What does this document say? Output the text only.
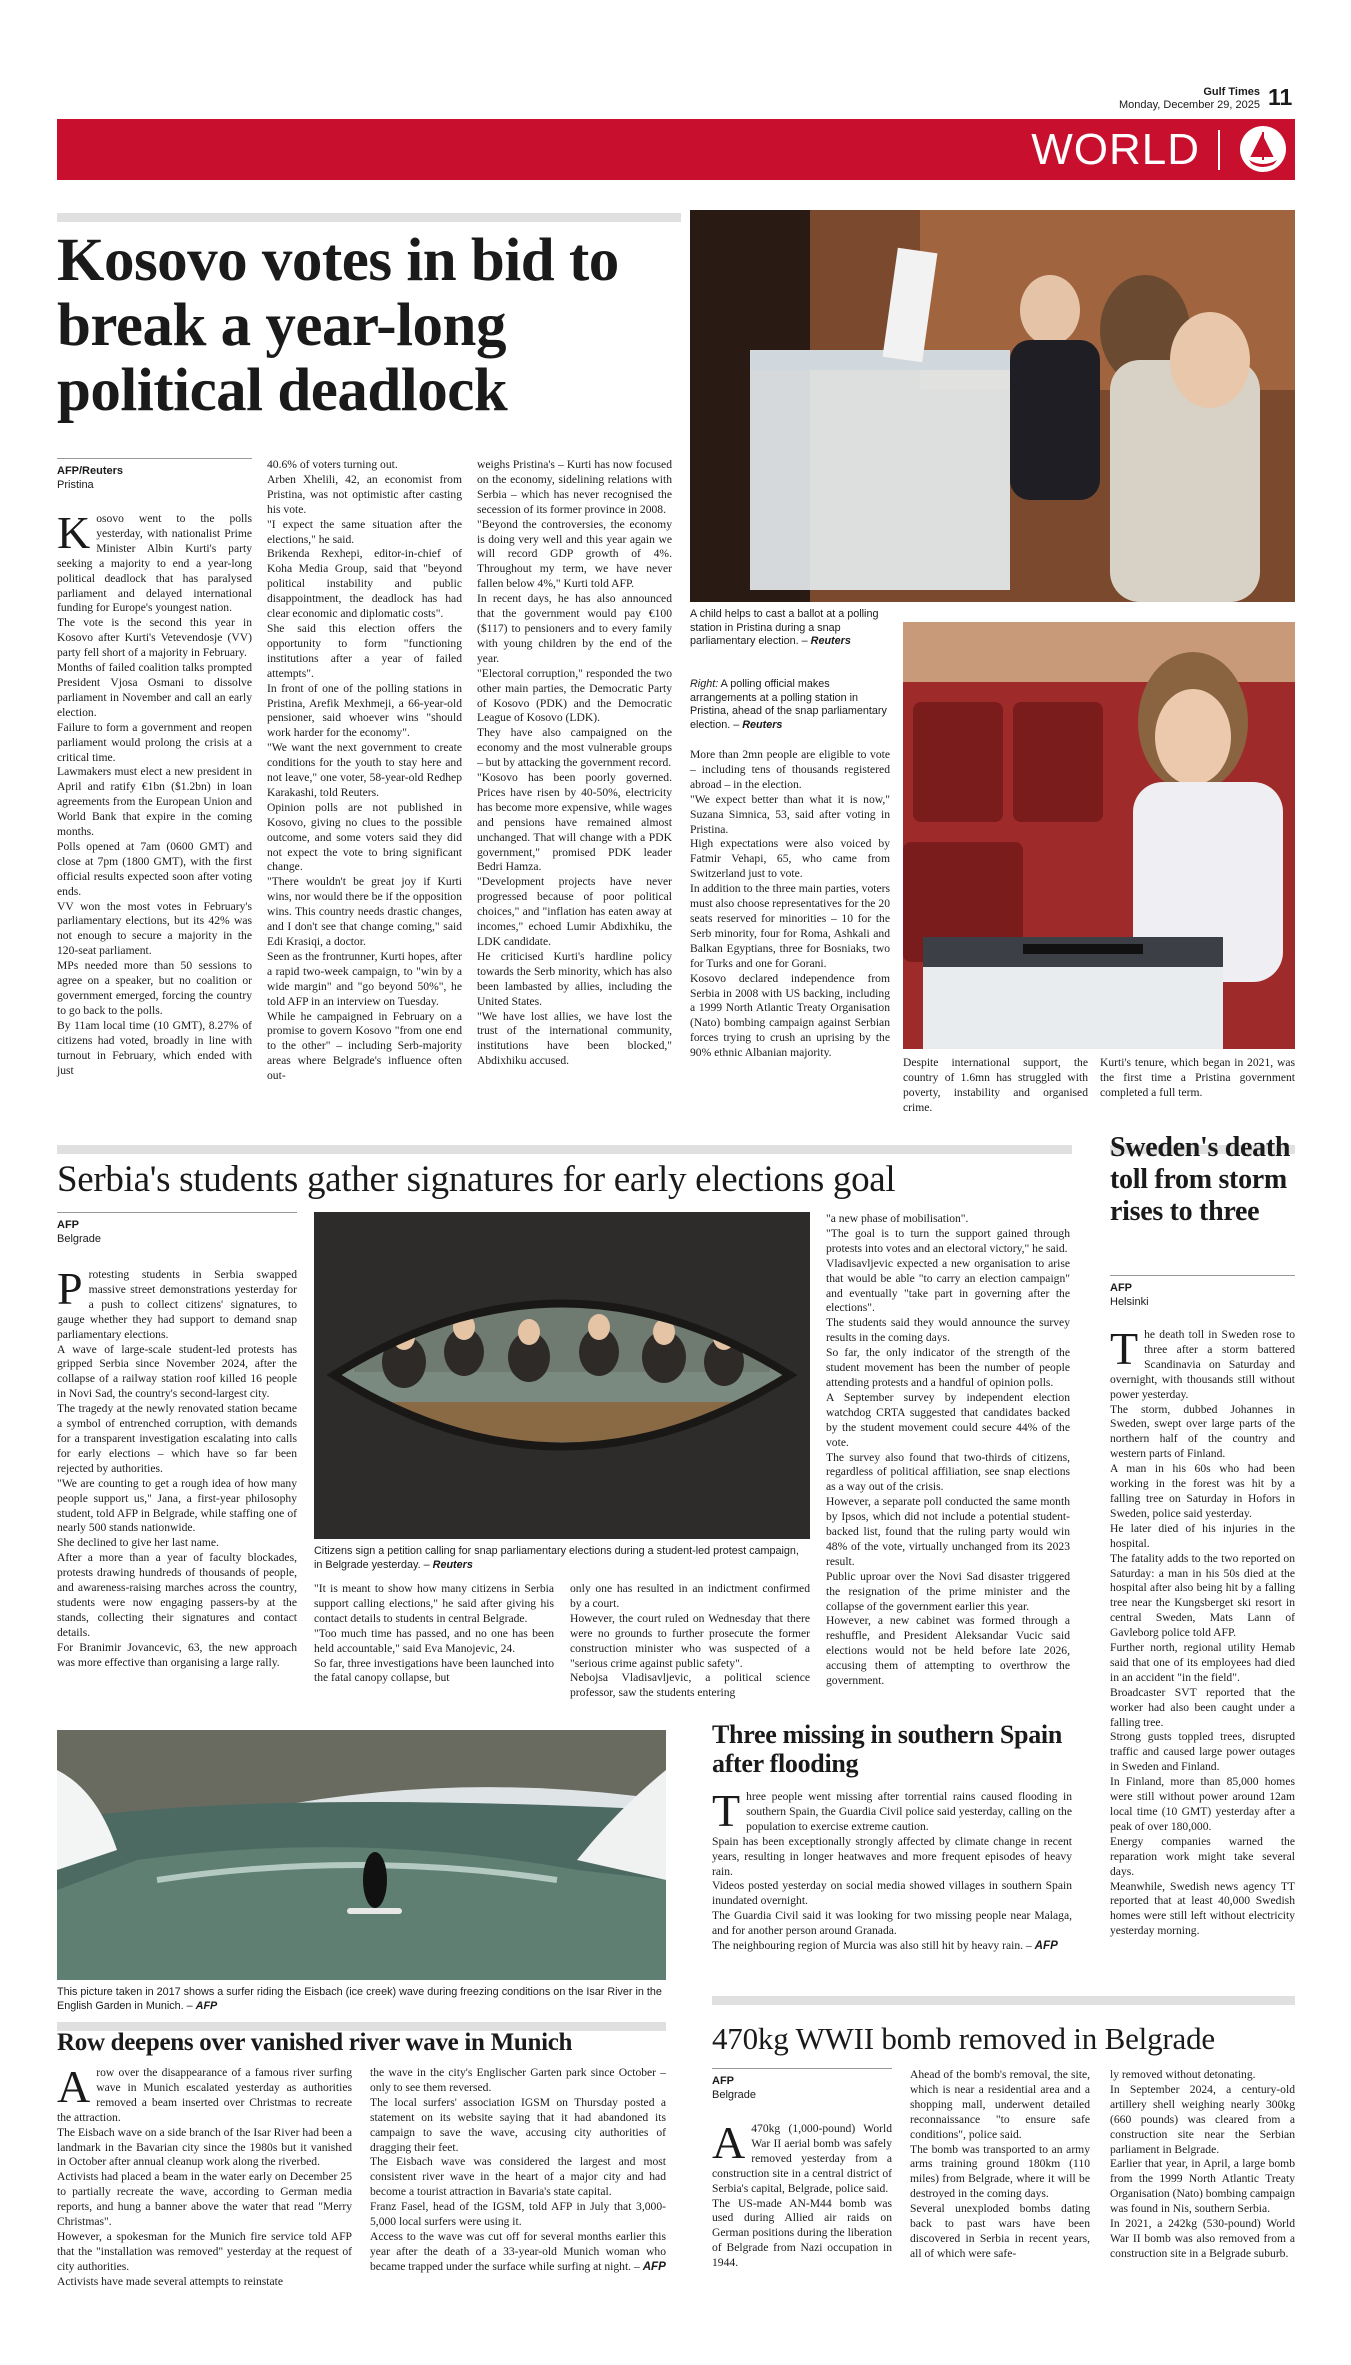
Gulf Times
Monday, December 29, 2025 11
WORLD
Kosovo votes in bid to break a year-long political deadlock
AFP/Reuters
Pristina
K osovo went to the polls yesterday, with nationalist Prime Minister Albin Kurti's party seeking a majority to end a year-long political deadlock that has paralysed parliament and delayed international funding for Europe's youngest nation.

The vote is the second this year in Kosovo after Kurti's Vetevendosje (VV) party fell short of a majority in February.

Months of failed coalition talks prompted President Vjosa Osmani to dissolve parliament in November and call an early election.

Failure to form a government and reopen parliament would prolong the crisis at a critical time.

Lawmakers must elect a new president in April and ratify €1bn ($1.2bn) in loan agreements from the European Union and World Bank that expire in the coming months.

Polls opened at 7am (0600 GMT) and close at 7pm (1800 GMT), with the first official results expected soon after voting ends.

VV won the most votes in February's parliamentary elections, but its 42% was not enough to secure a majority in the 120-seat parliament.

MPs needed more than 50 sessions to agree on a speaker, but no coalition or government emerged, forcing the country to go back to the polls.

By 11am local time (10 GMT), 8.27% of citizens had voted, broadly in line with turnout in February, which ended with just

40.6% of voters turning out.

Arben Xhelili, 42, an economist from Pristina, was not optimistic after casting his vote.

"I expect the same situation after the elections," he said.

Brikenda Rexhepi, editor-in-chief of Koha Media Group, said that "beyond political instability and public disappointment, the deadlock has had clear economic and diplomatic costs".

She said this election offers the opportunity to form "functioning institutions after a year of failed attempts".

In front of one of the polling stations in Pristina, Arefik Mexhmeji, a 66-year-old pensioner, said whoever wins "should work harder for the economy".

"We want the next government to create conditions for the youth to stay here and not leave," one voter, 58-year-old Redhep Karakashi, told Reuters.

Opinion polls are not published in Kosovo, giving no clues to the possible outcome, and some voters said they did not expect the vote to bring significant change.

"There wouldn't be great joy if Kurti wins, nor would there be if the opposition wins. This country needs drastic changes, and I don't see that change coming," said Edi Krasiqi, a doctor.

Seen as the frontrunner, Kurti hopes, after a rapid two-week campaign, to "win by a wide margin" and "go beyond 50%", he told AFP in an interview on Tuesday.

While he campaigned in February on a promise to govern Kosovo "from one end to the other" – including Serb-majority areas where Belgrade's influence often out-

weighs Pristina's – Kurti has now focused on the economy, sidelining relations with Serbia – which has never recognised the secession of its former province in 2008.

"Beyond the controversies, the economy is doing very well and this year again we will record GDP growth of 4%. Throughout my term, we have never fallen below 4%," Kurti told AFP.

In recent days, he has also announced that the government would pay €100 ($117) to pensioners and to every family with young children by the end of the year.

"Electoral corruption," responded the two other main parties, the Democratic Party of Kosovo (PDK) and the Democratic League of Kosovo (LDK).

They have also campaigned on the economy and the most vulnerable groups – but by attacking the government record.

"Kosovo has been poorly governed. Prices have risen by 40-50%, electricity has become more expensive, while wages and pensions have remained almost unchanged. That will change with a PDK government," promised PDK leader Bedri Hamza.

"Development projects have never progressed because of poor political choices," and "inflation has eaten away at incomes," echoed Lumir Abdixhiku, the LDK candidate.

He criticised Kurti's hardline policy towards the Serb minority, which has also been lambasted by allies, including the United States.

"We have lost allies, we have lost the trust of the international community, institutions have been blocked," Abdixhiku accused.

A child helps to cast a ballot at a polling station in Pristina during a snap parliamentary election. – Reuters
Right: A polling official makes arrangements at a polling station in Pristina, ahead of the snap parliamentary election. – Reuters

More than 2mn people are eligible to vote – including tens of thousands registered abroad – in the election.

"We expect better than what it is now," Suzana Simnica, 53, said after voting in Pristina.

High expectations were also voiced by Fatmir Vehapi, 65, who came from Switzerland just to vote.

In addition to the three main parties, voters must also choose representatives for the 20 seats reserved for minorities – 10 for the Serb minority, four for Roma, Ashkali and Balkan Egyptians, three for Bosniaks, two for Turks and one for Gorani.

Kosovo declared independence from Serbia in 2008 with US backing, including a 1999 North Atlantic Treaty Organisation (Nato) bombing campaign against Serbian forces trying to crush an uprising by the 90% ethnic Albanian majority.

Despite international support, the country of 1.6mn has struggled with poverty, instability and organised crime.

Kurti's tenure, which began in 2021, was the first time a Pristina government completed a full term.

Serbia's students gather signatures for early elections goal
AFP
Belgrade
P rotesting students in Serbia swapped massive street demonstrations yesterday for a push to collect citizens' signatures, to gauge whether they had support to demand snap parliamentary elections.

A wave of large-scale student-led protests has gripped Serbia since November 2024, after the collapse of a railway station roof killed 16 people in Novi Sad, the country's second-largest city.

The tragedy at the newly renovated station became a symbol of entrenched corruption, with demands for a transparent investigation escalating into calls for early elections – which have so far been rejected by authorities.

"We are counting to get a rough idea of how many people support us," Jana, a first-year philosophy student, told AFP in Belgrade, while staffing one of nearly 500 stands nationwide.

She declined to give her last name.

After a more than a year of faculty blockades, protests drawing hundreds of thousands of people, and awareness-raising marches across the country, students were now engaging passers-by at the stands, collecting their signatures and contact details.

For Branimir Jovancevic, 63, the new approach was more effective than organising a large rally.

Citizens sign a petition calling for snap parliamentary elections during a student-led protest campaign, in Belgrade yesterday. – Reuters

"It is meant to show how many citizens in Serbia support calling elections," he said after giving his contact details to students in central Belgrade.

"Too much time has passed, and no one has been held accountable," said Eva Manojevic, 24.

So far, three investigations have been launched into the fatal canopy collapse, but

only one has resulted in an indictment confirmed by a court.

However, the court ruled on Wednesday that there were no grounds to further prosecute the former construction minister who was suspected of a "serious crime against public safety".

Nebojsa Vladisavljevic, a political science professor, saw the students entering

"a new phase of mobilisation".

"The goal is to turn the support gained through protests into votes and an electoral victory," he said.

Vladisavljevic expected a new organisation to arise that would be able "to carry an election campaign" and eventually "take part in governing after the elections".

The students said they would announce the survey results in the coming days.

So far, the only indicator of the strength of the student movement has been the number of people attending protests and a handful of opinion polls.

A September survey by independent election watchdog CRTA suggested that candidates backed by the student movement could secure 44% of the vote.

The survey also found that two-thirds of citizens, regardless of political affiliation, see snap elections as a way out of the crisis.

However, a separate poll conducted the same month by Ipsos, which did not include a potential student-backed list, found that the ruling party would win 48% of the vote, virtually unchanged from its 2023 result.

Public uproar over the Novi Sad disaster triggered the resignation of the prime minister and the collapse of the government earlier this year.

However, a new cabinet was formed through a reshuffle, and President Aleksandar Vucic said elections would not be held before late 2026, accusing them of attempting to overthrow the government.

Sweden's death toll from storm rises to three
AFP
Helsinki
T he death toll in Sweden rose to three after a storm battered Scandinavia on Saturday and overnight, with thousands still without power yesterday.

The storm, dubbed Johannes in Sweden, swept over large parts of the northern half of the country and western parts of Finland.

A man in his 60s who had been working in the forest was hit by a falling tree on Saturday in Hofors in Sweden, police said yesterday.

He later died of his injuries in the hospital.

The fatality adds to the two reported on Saturday: a man in his 50s died at the hospital after also being hit by a falling tree near the Kungsberget ski resort in central Sweden, Mats Lann of Gavleborg police told AFP.

Further north, regional utility Hemab said that one of its employees had died in an accident "in the field".

Broadcaster SVT reported that the worker had also been caught under a falling tree.

Strong gusts toppled trees, disrupted traffic and caused large power outages in Sweden and Finland.

In Finland, more than 85,000 homes were still without power around 12am local time (10 GMT) yesterday after a peak of over 180,000.

Energy companies warned the reparation work might take several days.

Meanwhile, Swedish news agency TT reported that at least 40,000 Swedish homes were still left without electricity yesterday morning.

This picture taken in 2017 shows a surfer riding the Eisbach (ice creek) wave during freezing conditions on the Isar River in the English Garden in Munich. – AFP
Three missing in southern Spain after flooding
T hree people went missing after torrential rains caused flooding in southern Spain, the Guardia Civil police said yesterday, calling on the population to exercise extreme caution.

Spain has been exceptionally strongly affected by climate change in recent years, resulting in longer heatwaves and more frequent episodes of heavy rain.

Videos posted yesterday on social media showed villages in southern Spain inundated overnight.

The Guardia Civil said it was looking for two missing people near Malaga, and for another person around Granada.

The neighbouring region of Murcia was also still hit by heavy rain. – AFP

Row deepens over vanished river wave in Munich
A row over the disappearance of a famous river surfing wave in Munich escalated yesterday as authorities removed a beam inserted over Christmas to recreate the attraction.

The Eisbach wave on a side branch of the Isar River had been a landmark in the Bavarian city since the 1980s but it vanished in October after annual cleanup work along the riverbed.

Activists had placed a beam in the water early on December 25 to partially recreate the wave, according to German media reports, and hung a banner above the water that read "Merry Christmas".

However, a spokesman for the Munich fire service told AFP that the "installation was removed" yesterday at the request of city authorities.

Activists have made several attempts to reinstate

the wave in the city's Englischer Garten park since October – only to see them reversed.

The local surfers' association IGSM on Thursday posted a statement on its website saying that it had abandoned its campaign to save the wave, accusing city authorities of dragging their feet.

The Eisbach wave was considered the largest and most consistent river wave in the heart of a major city and had become a tourist attraction in Bavaria's state capital.

Franz Fasel, head of the IGSM, told AFP in July that 3,000-5,000 local surfers were using it.

Access to the wave was cut off for several months earlier this year after the death of a 33-year-old Munich woman who became trapped under the surface while surfing at night. – AFP

470kg WWII bomb removed in Belgrade
AFP
Belgrade
A 470kg (1,000-pound) World War II aerial bomb was safely removed yesterday from a construction site in a central district of Serbia's capital, Belgrade, police said.

The US-made AN-M44 bomb was used during Allied air raids on German positions during the liberation of Belgrade from Nazi occupation in 1944.

Ahead of the bomb's removal, the site, which is near a residential area and a shopping mall, underwent detailed reconnaissance "to ensure safe conditions", police said.

The bomb was transported to an army arms training ground 180km (110 miles) from Belgrade, where it will be destroyed in the coming days.

Several unexploded bombs dating back to past wars have been discovered in Serbia in recent years, all of which were safe-

ly removed without detonating.

In September 2024, a century-old artillery shell weighing nearly 300kg (660 pounds) was cleared from a construction site near the Serbian parliament in Belgrade.

Earlier that year, in April, a large bomb from the 1999 North Atlantic Treaty Organisation (Nato) bombing campaign was found in Nis, southern Serbia.

In 2021, a 242kg (530-pound) World War II bomb was also removed from a construction site in a Belgrade suburb.
